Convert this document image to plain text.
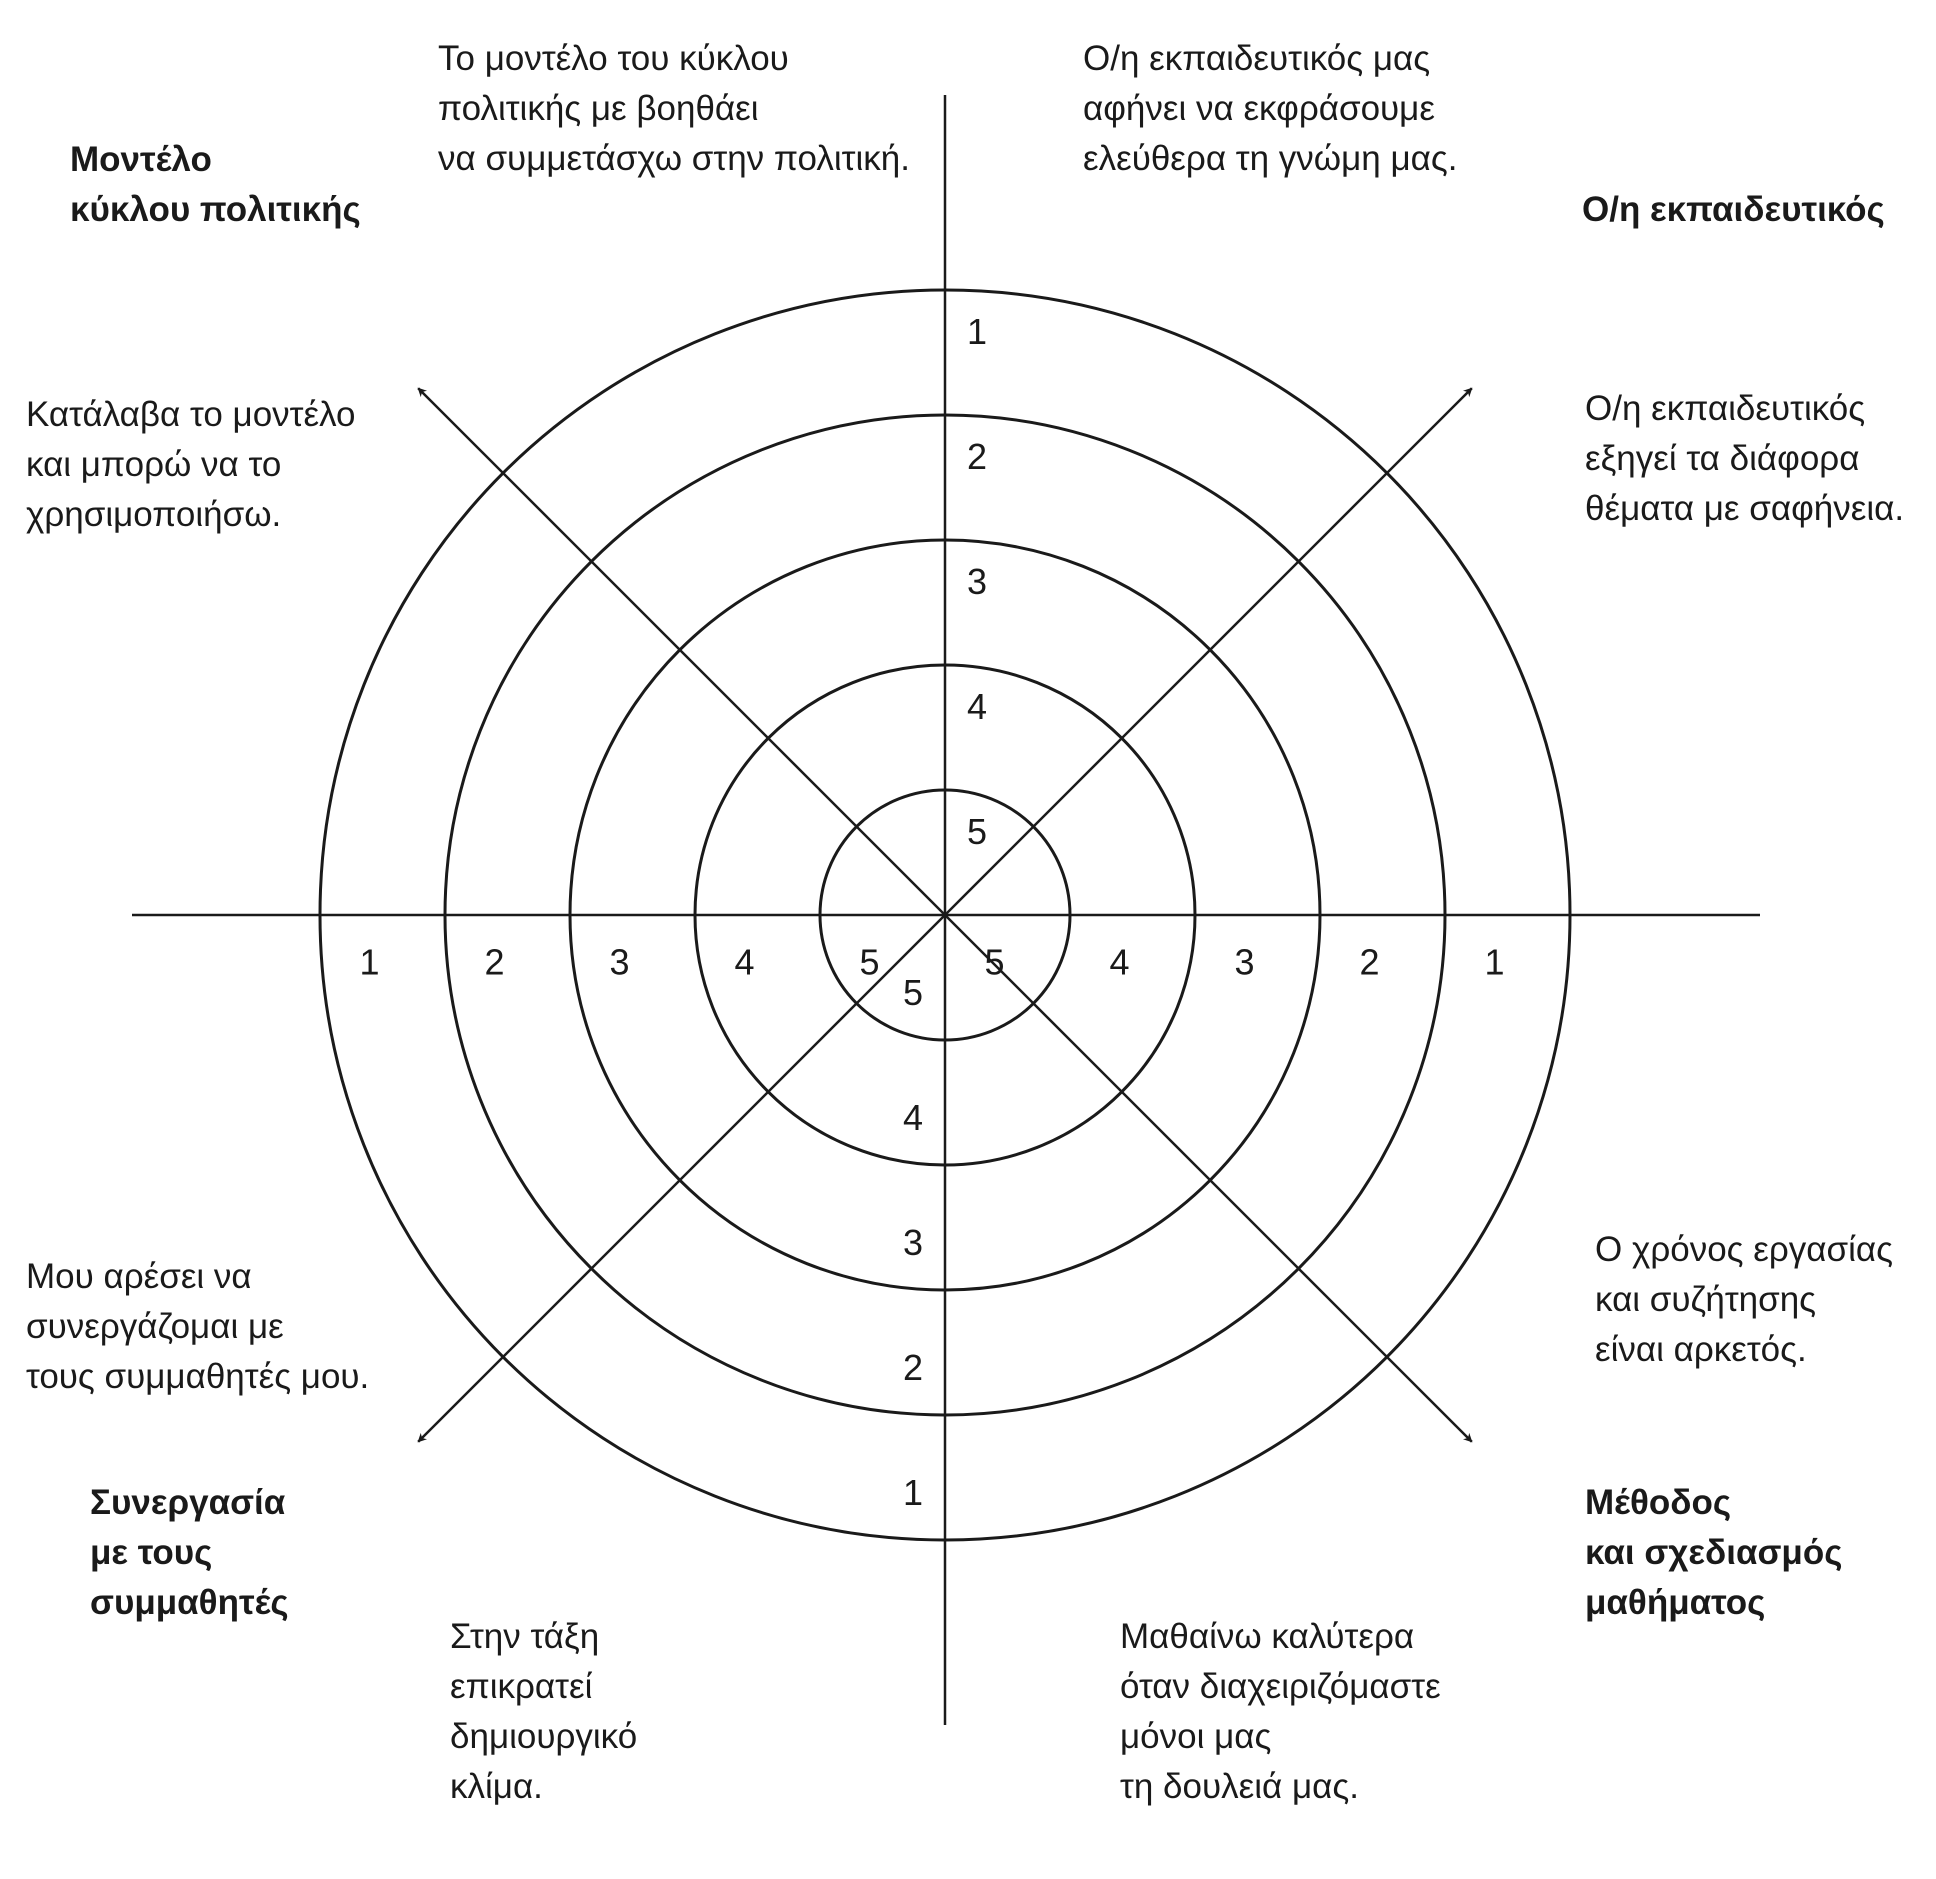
1
1
1	1
2
2
2	2
3
3
3	3
4
4
4	4
5
5
5	5

Μοντέλο
κύκλου πολιτικής

Το μοντέλο του κύκλου
πολιτικής με βοηθάει
να συμμετάσχω στην πολιτική.

Κατάλαβα το μοντέλο
και μπορώ να το
χρησιμοποιήσω.

Ο/η εκπαιδευτικός

Ο/η εκπαιδευτικός μας
αφήνει να εκφράσουμε
ελεύθερα τη γνώμη μας.

Ο/η εκπαιδευτικός
εξηγεί τα διάφορα
θέματα με σαφήνεια.

Μέθοδος
και σχεδιασμός
μαθήματος

Ο χρόνος εργασίας
και συζήτησης
είναι αρκετός.

Μαθαίνω καλύτερα
όταν διαχειριζόμαστε
μόνοι μας
τη δουλειά μας.

Συνεργασία
με τους
συμμαθητές

Μου αρέσει να
συνεργάζομαι με
τους συμμαθητές μου.

Στην τάξη
επικρατεί
δημιουργικό
κλίμα.
